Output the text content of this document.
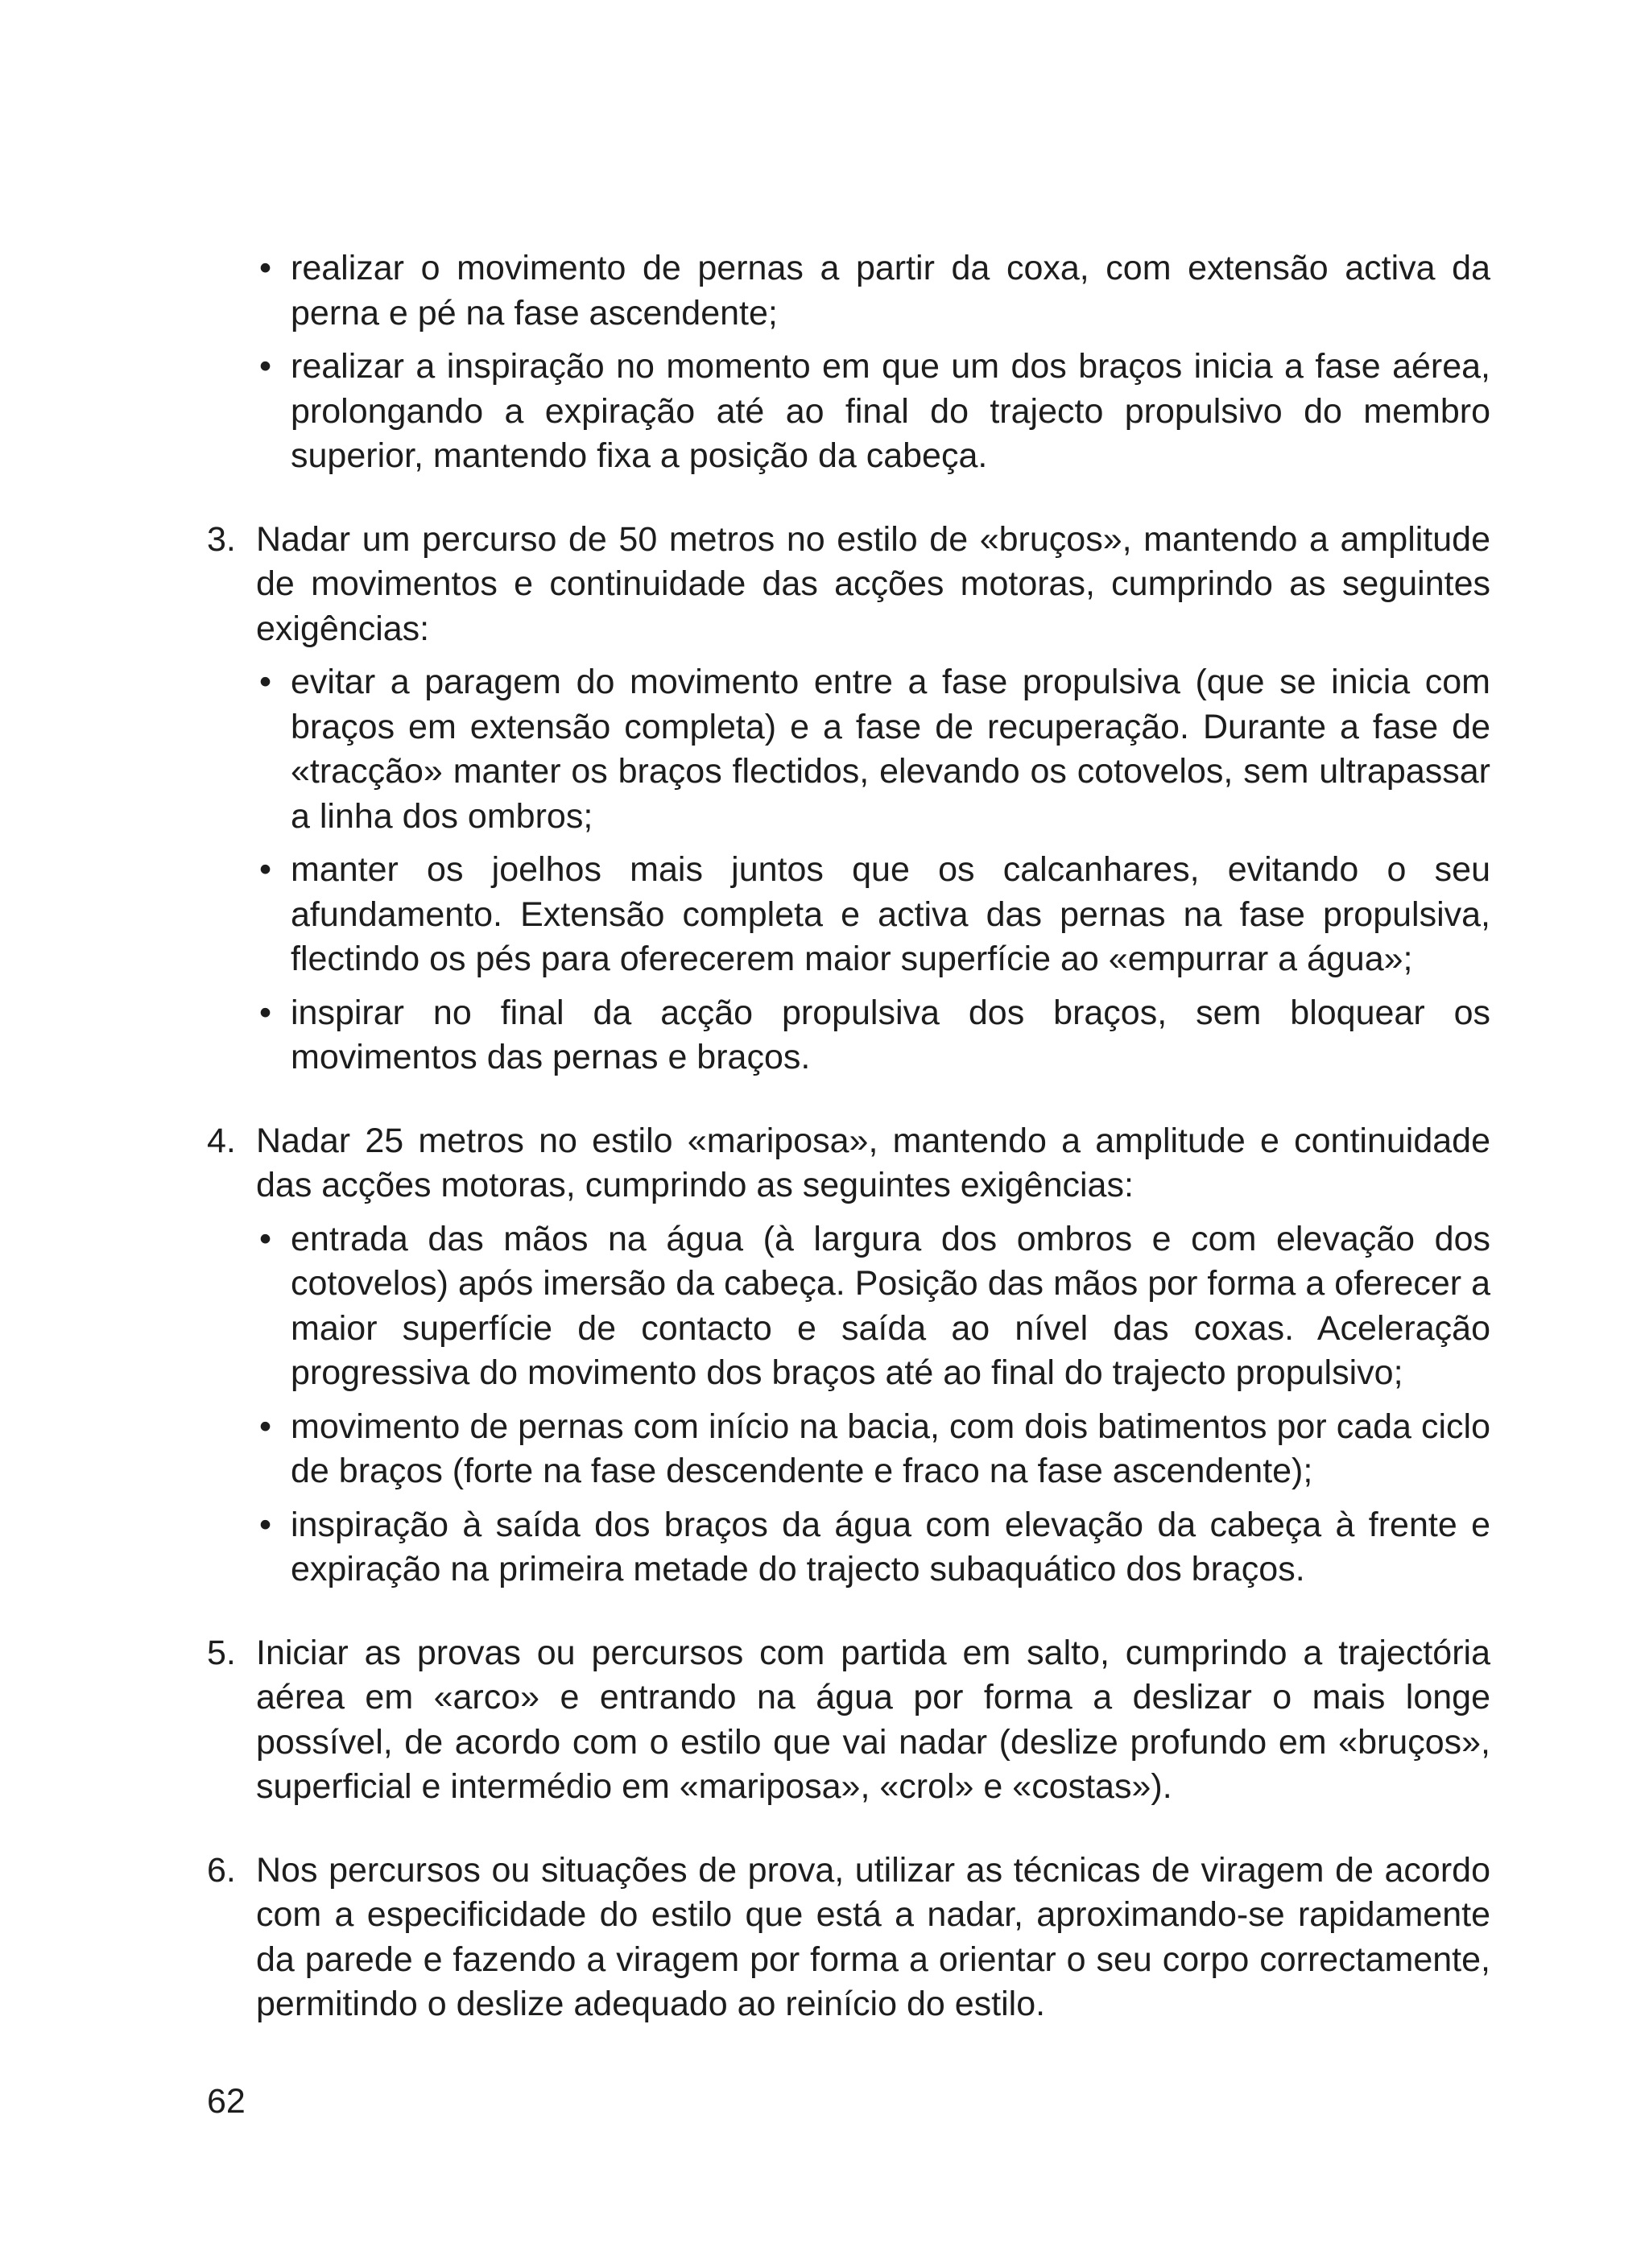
• realizar o movimento de pernas a partir da coxa, com extensão activa da perna e pé na fase ascendente;
• realizar a inspiração no momento em que um dos braços inicia a fase aérea, prolongando a expiração até ao final do trajecto propulsivo do membro superior, mantendo fixa a posição da cabeça.
3. Nadar um percurso de 50 metros no estilo de «bruços», mantendo a amplitude de movimentos e continuidade das acções motoras, cumprindo as seguintes exigências:
• evitar a paragem do movimento entre a fase propulsiva (que se inicia com braços em extensão completa) e a fase de recuperação. Durante a fase de «tracção» manter os braços flectidos, elevando os cotovelos, sem ultrapassar a linha dos ombros;
• manter os joelhos mais juntos que os calcanhares, evitando o seu afundamento. Extensão completa e activa das pernas na fase propulsiva, flectindo os pés para oferecerem maior superfície ao «empurrar a água»;
• inspirar no final da acção propulsiva dos braços, sem bloquear os movimentos das pernas e braços.
4. Nadar 25 metros no estilo «mariposa», mantendo a amplitude e continuidade das acções motoras, cumprindo as seguintes exigências:
• entrada das mãos na água (à largura dos ombros e com elevação dos cotovelos) após imersão da cabeça. Posição das mãos por forma a oferecer a maior superfície de contacto e saída ao nível das coxas. Aceleração progressiva do movimento dos braços até ao final do trajecto propulsivo;
• movimento de pernas com início na bacia, com dois batimentos por cada ciclo de braços (forte na fase descendente e fraco na fase ascendente);
• inspiração à saída dos braços da água com elevação da cabeça à frente e expiração na primeira metade do trajecto subaquático dos braços.
5. Iniciar as provas ou percursos com partida em salto, cumprindo a trajectória aérea em «arco» e entrando na água por forma a deslizar o mais longe possível, de acordo com o estilo que vai nadar (deslize profundo em «bruços», superficial e intermédio em «mariposa», «crol» e «costas»).
6. Nos percursos ou situações de prova, utilizar as técnicas de viragem de acordo com a especificidade do estilo que está a nadar, aproximando-se rapidamente da parede e fazendo a viragem por forma a orientar o seu corpo correctamente, permitindo o deslize adequado ao reinício do estilo.
62
